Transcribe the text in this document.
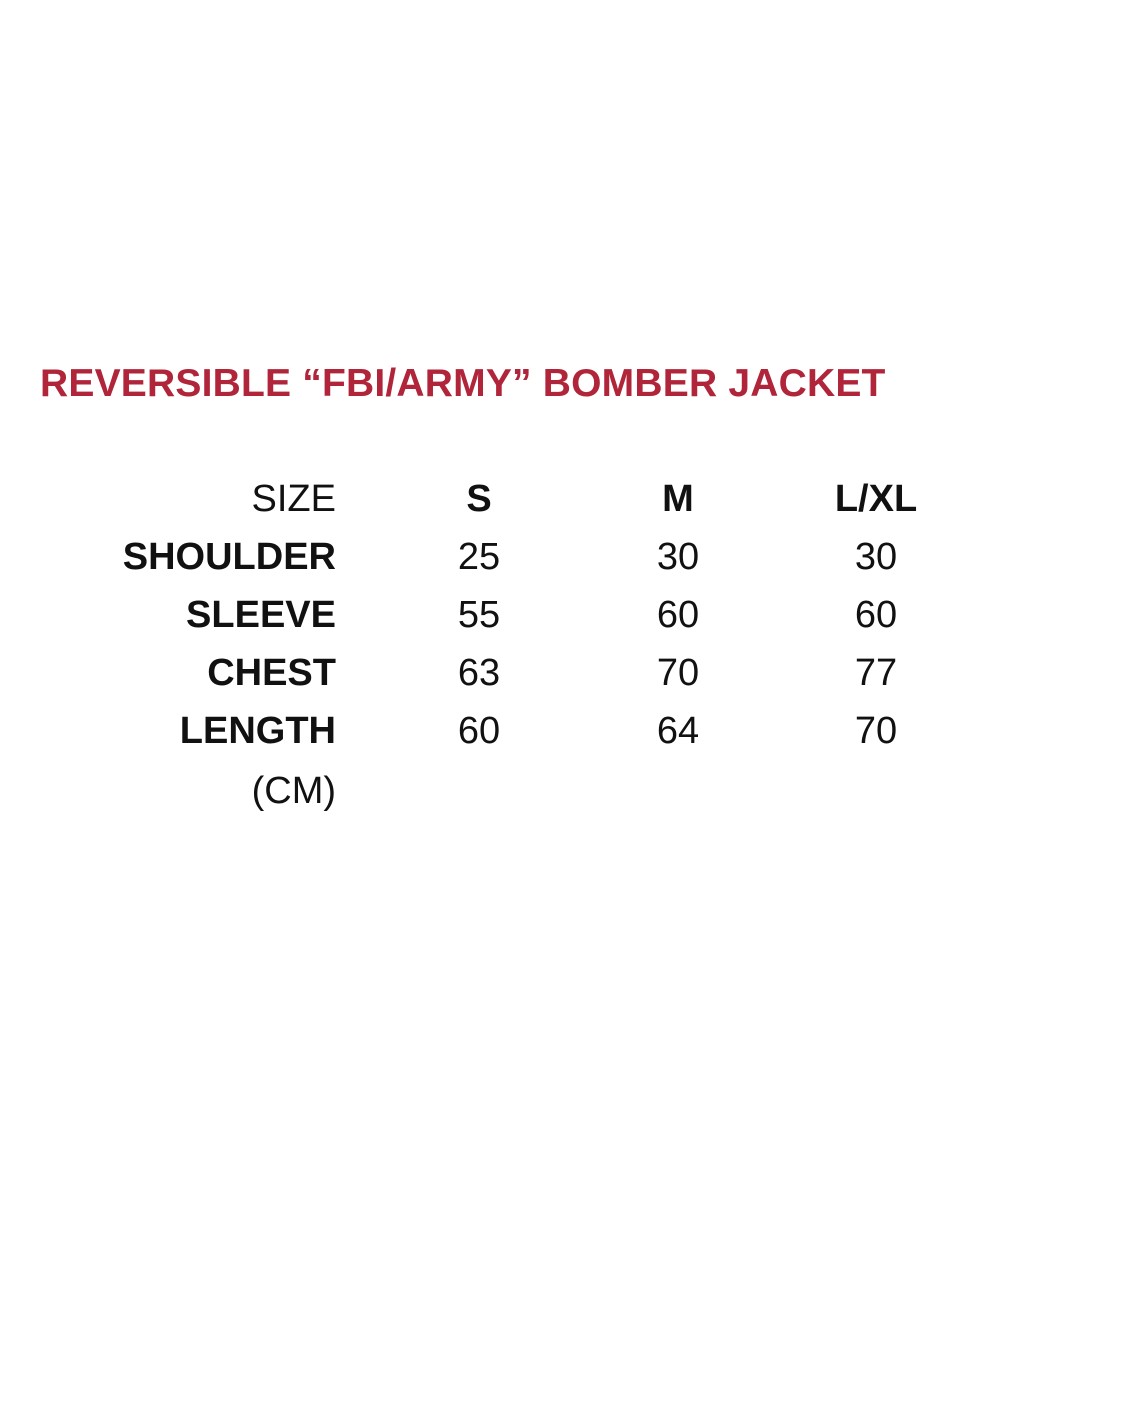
REVERSIBLE “FBI/ARMY” BOMBER JACKET
SIZE	S	M	L/XL
SHOULDER	25	30	30
SLEEVE	55	60	60
CHEST	63	70	77
LENGTH	60	64	70
(CM)
